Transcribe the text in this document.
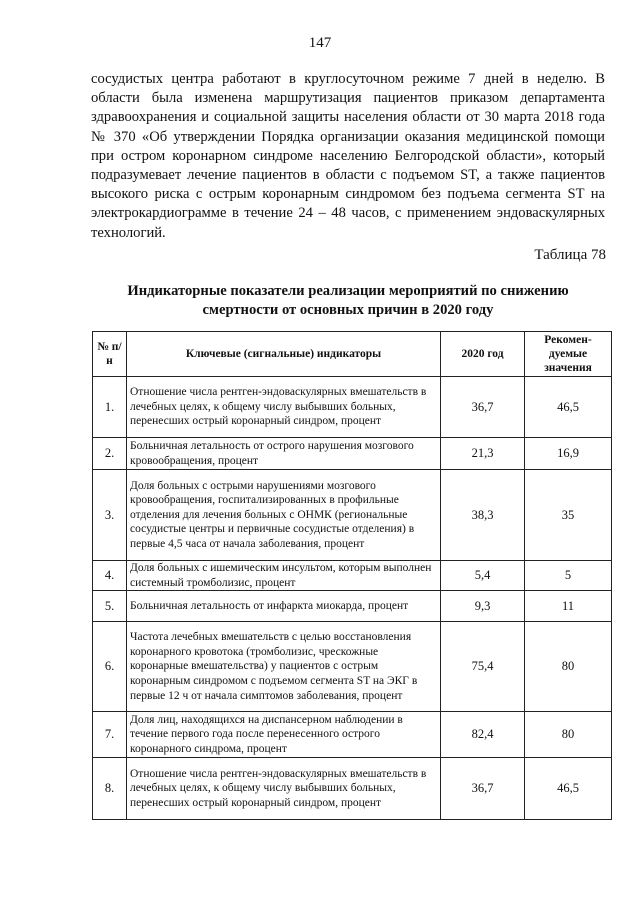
147

сосудистых центра работают в круглосуточном режиме 7 дней в неделю. В области была изменена маршрутизация пациентов приказом департамента здравоохранения и социальной защиты населения области от 30 марта 2018 года № 370 «Об утверждении Порядка организации оказания медицинской помощи при остром коронарном синдроме населению Белгородской области», который подразумевает лечение пациентов в области с подъемом ST, а также пациентов высокого риска с острым коронарным синдромом без подъема сегмента ST на электрокардиограмме в течение 24 – 48 часов, с применением эндоваскулярных технологий.

Таблица 78
Индикаторные показатели реализации мероприятий по снижению смертности от основных причин в 2020 году
№ п/н	Ключевые (сигнальные) индикаторы	2020 год	Рекомен-дуемые значения
1.	Отношение числа рентген-эндоваскулярных вмешательств в лечебных целях, к общему числу выбывших больных, перенесших острый коронарный синдром, процент	36,7	46,5
2.	Больничная летальность от острого нарушения мозгового кровообращения, процент	21,3	16,9
3.	Доля больных с острыми нарушениями мозгового кровообращения, госпитализированных в профильные отделения для лечения больных с ОНМК (региональные сосудистые центры и первичные сосудистые отделения) в первые 4,5 часа от начала заболевания, процент	38,3	35
4.	Доля больных с ишемическим инсультом, которым выполнен системный тромболизис, процент	5,4	5
5.	Больничная летальность от инфаркта миокарда, процент	9,3	11
6.	Частота лечебных вмешательств с целью восстановления коронарного кровотока (тромболизис, чрескожные коронарные вмешательства) у пациентов с острым коронарным синдромом с подъемом сегмента ST на ЭКГ в первые 12 ч от начала симптомов заболевания, процент	75,4	80
7.	Доля лиц, находящихся на диспансерном наблюдении в течение первого года после перенесенного острого коронарного синдрома, процент	82,4	80
8.	Отношение числа рентген-эндоваскулярных вмешательств в лечебных целях, к общему числу выбывших больных, перенесших острый коронарный синдром, процент	36,7	46,5
